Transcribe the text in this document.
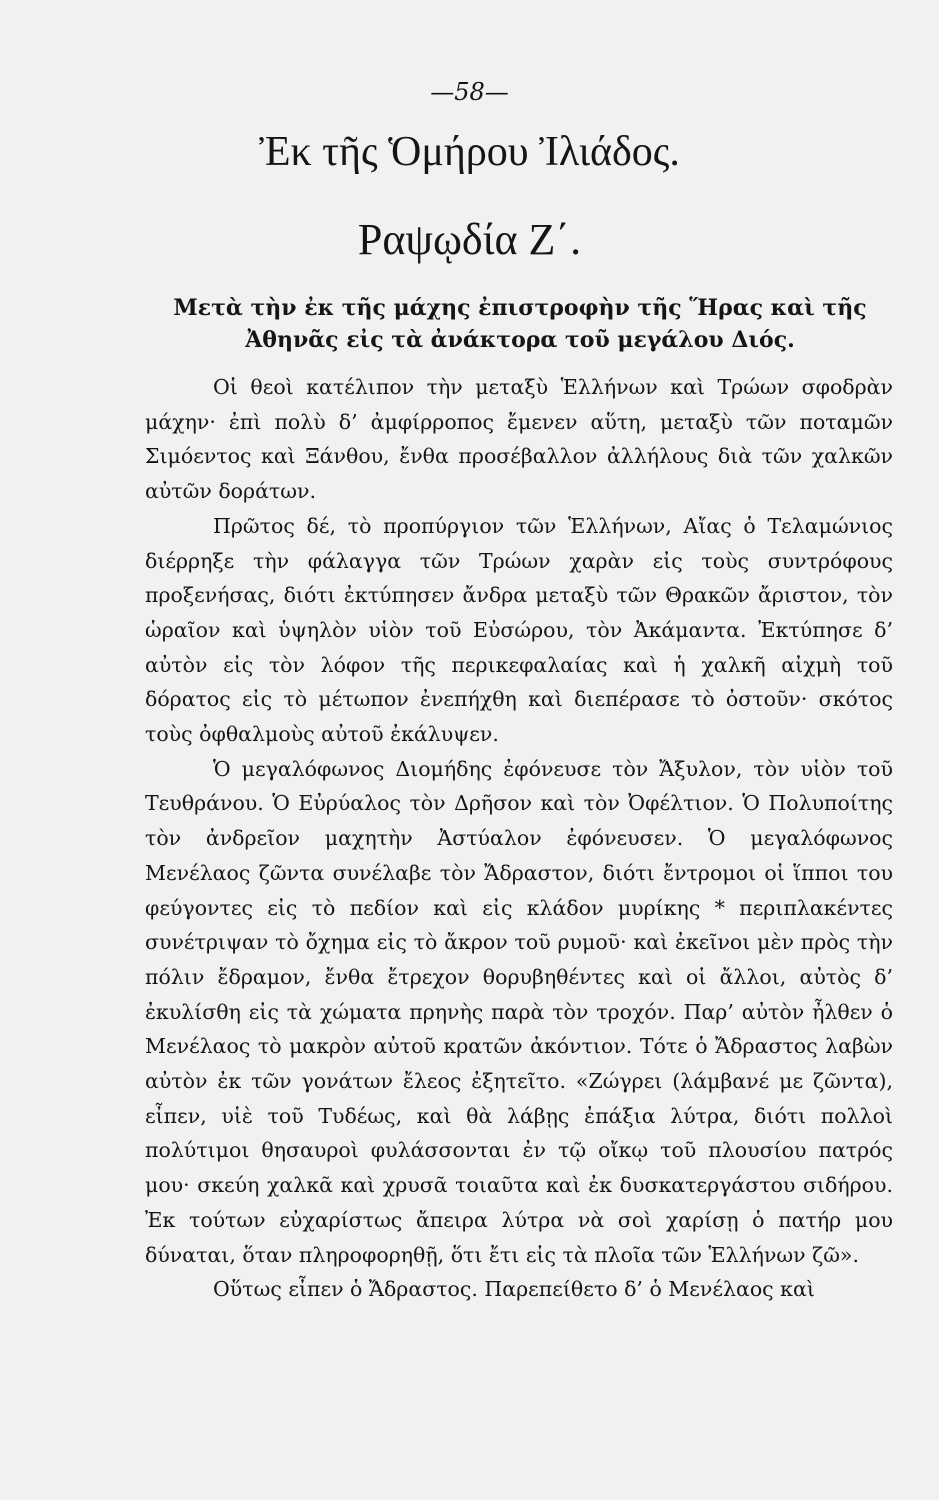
—58—
Ἐκ τῆς Ὁμήρου Ἰλιάδος.
Ραψῳδία Ζ΄.
Μετὰ τὴν ἐκ τῆς μάχης ἐπιστροφὴν τῆς Ἥρας καὶ τῆς Ἀθηνᾶς εἰς τὰ ἀνάκτορα τοῦ μεγάλου Διός.

Οἱ θεοὶ κατέλιπον τὴν μεταξὺ Ἑλλήνων καὶ Τρώων σφοδρὰν μάχην· ἐπὶ πολὺ δ’ ἀμφίρροπος ἔμενεν αὕτη, μεταξὺ τῶν ποταμῶν Σιμόεντος καὶ Ξάνθου, ἔνθα προσέβαλλον ἀλλήλους διὰ τῶν χαλκῶν αὐτῶν δοράτων.

Πρῶτος δέ, τὸ προπύργιον τῶν Ἑλλήνων, Αἴας ὁ Τελαμώνιος διέρρηξε τὴν φάλαγγα τῶν Τρώων χαρὰν εἰς τοὺς συντρόφους προξενήσας, διότι ἐκτύπησεν ἄνδρα μεταξὺ τῶν Θρακῶν ἄριστον, τὸν ὡραῖον καὶ ὑψηλὸν υἱὸν τοῦ Εὐσώρου, τὸν Ἀκάμαντα. Ἐκτύπησε δ’ αὐτὸν εἰς τὸν λόφον τῆς περικεφαλαίας καὶ ἡ χαλκῆ αἰχμὴ τοῦ δόρατος εἰς τὸ μέτωπον ἐνεπήχθη καὶ διεπέρασε τὸ ὀστοῦν· σκότος τοὺς ὀφθαλμοὺς αὐτοῦ ἐκάλυψεν.

Ὁ μεγαλόφωνος Διομήδης ἐφόνευσε τὸν Ἄξυλον, τὸν υἱὸν τοῦ Τευθράνου. Ὁ Εὐρύαλος τὸν Δρῆσον καὶ τὸν Ὀφέλτιον. Ὁ Πολυποίτης τὸν ἀνδρεῖον μαχητὴν Ἀστύαλον ἐφόνευσεν. Ὁ μεγαλόφωνος Μενέλαος ζῶντα συνέλαβε τὸν Ἄδραστον, διότι ἔντρομοι οἱ ἵπποι του φεύγοντες εἰς τὸ πεδίον καὶ εἰς κλάδον μυρίκης * περιπλακέντες συνέτριψαν τὸ ὄχημα εἰς τὸ ἄκρον τοῦ ρυμοῦ· καὶ ἐκεῖνοι μὲν πρὸς τὴν πόλιν ἔδραμον, ἔνθα ἔτρεχον θορυβηθέντες καὶ οἱ ἄλλοι, αὐτὸς δ’ ἐκυλίσθη εἰς τὰ χώματα πρηνὴς παρὰ τὸν τροχόν. Παρ’ αὐτὸν ἦλθεν ὁ Μενέλαος τὸ μακρὸν αὐτοῦ κρατῶν ἀκόντιον. Τότε ὁ Ἄδραστος λαβὼν αὐτὸν ἐκ τῶν γονάτων ἔλεος ἐξητεῖτο. «Ζώγρει (λάμβανέ με ζῶντα), εἶπεν, υἱὲ τοῦ Τυδέως, καὶ θὰ λάβῃς ἐπάξια λύτρα, διότι πολλοὶ πολύτιμοι θησαυροὶ φυλάσσονται ἐν τῷ οἴκῳ τοῦ πλουσίου πατρός μου· σκεύη χαλκᾶ καὶ χρυσᾶ τοιαῦτα καὶ ἐκ δυσκατεργάστου σιδήρου. Ἐκ τούτων εὐχαρίστως ἄπειρα λύτρα νὰ σοὶ χαρίσῃ ὁ πατήρ μου δύναται, ὅταν πληροφορηθῇ, ὅτι ἔτι εἰς τὰ πλοῖα τῶν Ἑλλήνων ζῶ».

Οὕτως εἶπεν ὁ Ἄδραστος. Παρεπείθετο δ’ ὁ Μενέλαος καὶ
